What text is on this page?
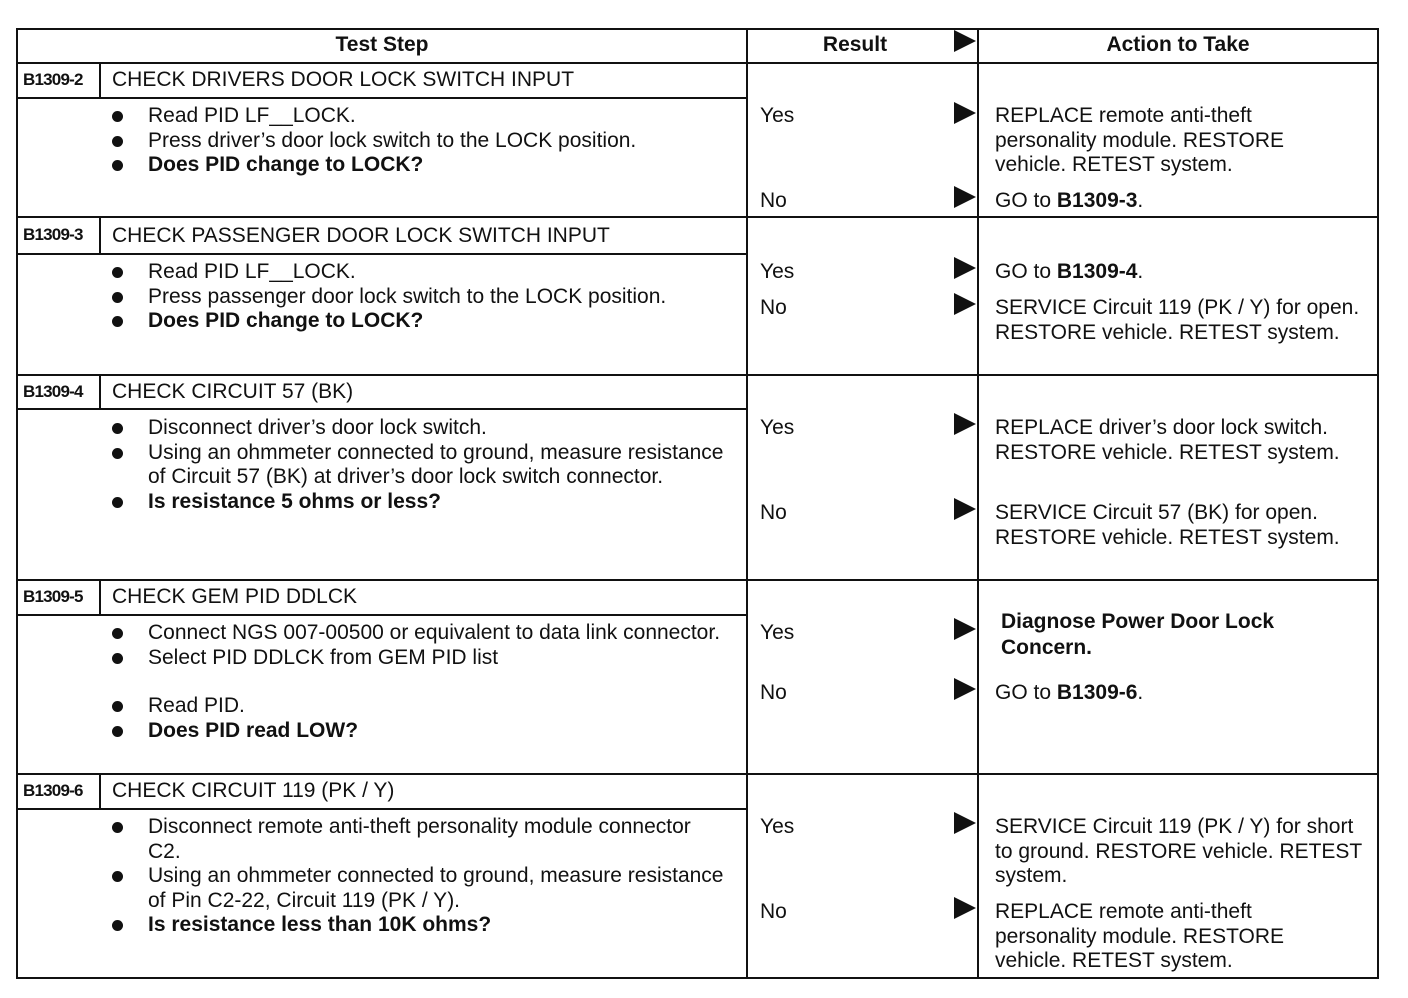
Test Step	Result	Action to Take
B1309-2	CHECK DRIVERS DOOR LOCK SWITCH INPUT
Read PID LF__LOCK.
Press driver’s door lock switch to the LOCK position.
Does PID change to LOCK?
Yes	REPLACE remote anti-theft personality module. RESTORE vehicle. RETEST system.
No	GO to B1309-3.
B1309-3	CHECK PASSENGER DOOR LOCK SWITCH INPUT
Read PID LF__LOCK.
Press passenger door lock switch to the LOCK position.
Does PID change to LOCK?
Yes	GO to B1309-4.
No	SERVICE Circuit 119 (PK / Y) for open. RESTORE vehicle. RETEST system.
B1309-4	CHECK CIRCUIT 57 (BK)
Disconnect driver’s door lock switch.
Using an ohmmeter connected to ground, measure resistance of Circuit 57 (BK) at driver’s door lock switch connector.
Is resistance 5 ohms or less?
Yes	REPLACE driver’s door lock switch. RESTORE vehicle. RETEST system.
No	SERVICE Circuit 57 (BK) for open. RESTORE vehicle. RETEST system.
B1309-5	CHECK GEM PID DDLCK
Connect NGS 007-00500 or equivalent to data link connector.
Select PID DDLCK from GEM PID list
Read PID.
Does PID read LOW?
Yes	Diagnose Power Door Lock Concern.
No	GO to B1309-6.
B1309-6	CHECK CIRCUIT 119 (PK / Y)
Disconnect remote anti-theft personality module connector C2.
Using an ohmmeter connected to ground, measure resistance of Pin C2-22, Circuit 119 (PK / Y).
Is resistance less than 10K ohms?
Yes	SERVICE Circuit 119 (PK / Y) for short to ground. RESTORE vehicle. RETEST system.
No	REPLACE remote anti-theft personality module. RESTORE vehicle. RETEST system.
